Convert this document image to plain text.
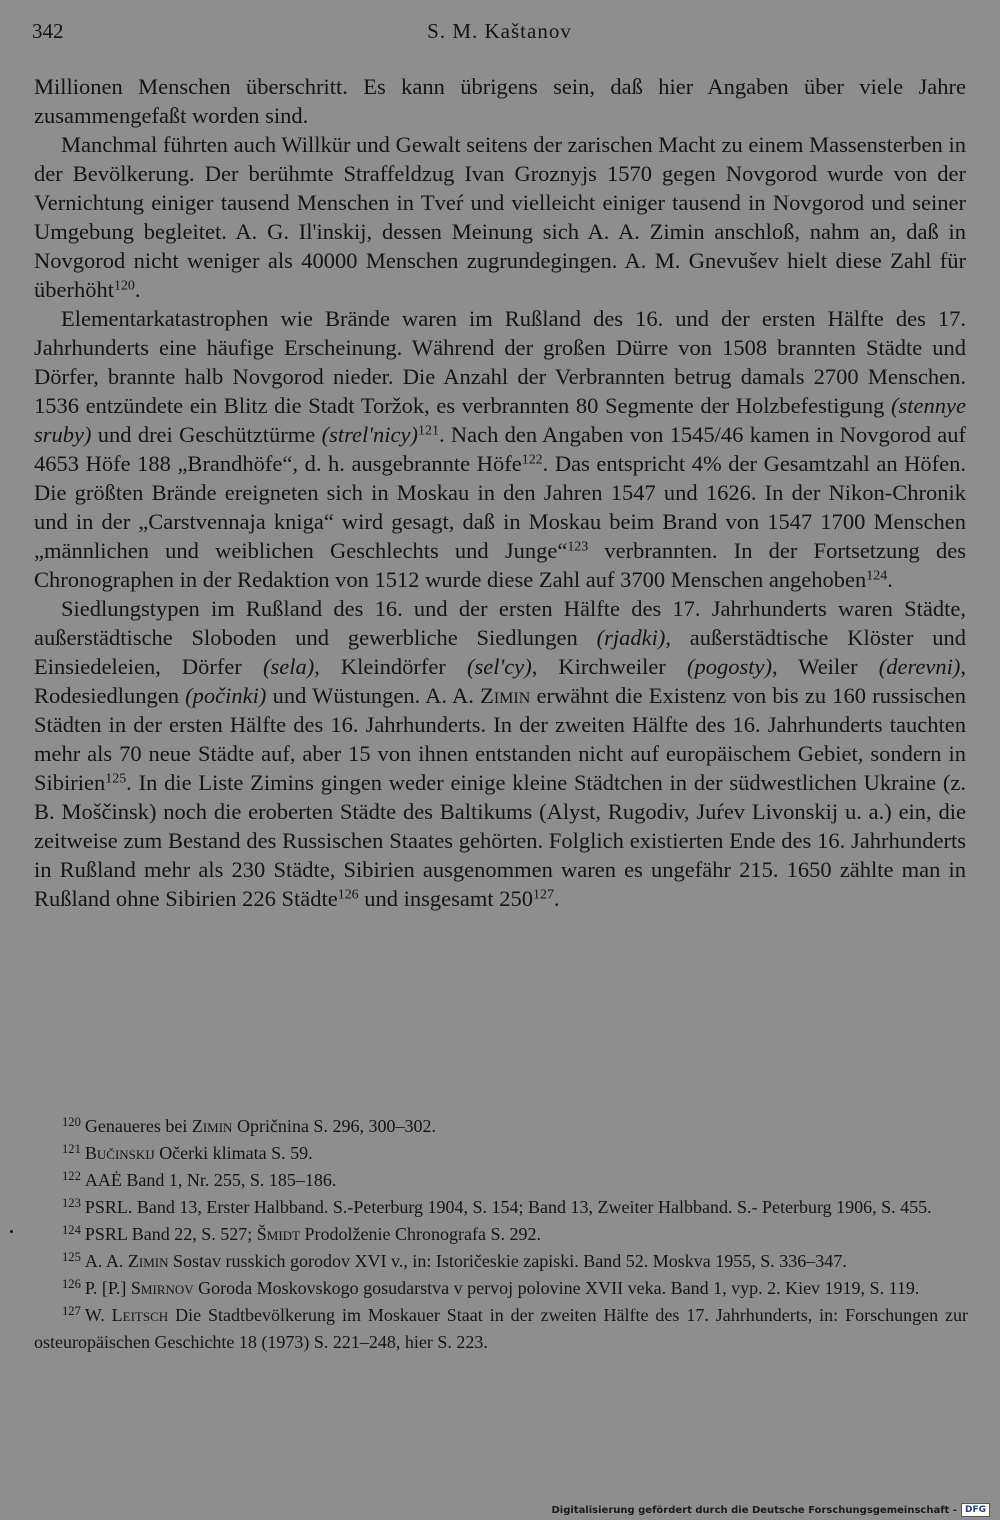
342	S. M. Kaštanov

Millionen Menschen überschritt. Es kann übrigens sein, daß hier Angaben über viele Jahre zusammengefaßt worden sind.

Manchmal führten auch Willkür und Gewalt seitens der zarischen Macht zu einem Massensterben in der Bevölkerung. Der berühmte Straffeldzug Ivan Groznyjs 1570 gegen Novgorod wurde von der Vernichtung einiger tausend Menschen in Tveŕ und vielleicht einiger tausend in Novgorod und seiner Umgebung begleitet. A. G. Il'inskij, dessen Meinung sich A. A. Zimin anschloß, nahm an, daß in Novgorod nicht weniger als 40000 Menschen zugrundegingen. A. M. Gnevušev hielt diese Zahl für überhöht$^{120}$.

Elementarkatastrophen wie Brände waren im Rußland des 16. und der ersten Hälfte des 17. Jahrhunderts eine häufige Erscheinung. Während der großen Dürre von 1508 brannten Städte und Dörfer, brannte halb Novgorod nieder. Die Anzahl der Verbrannten betrug damals 2700 Menschen. 1536 entzündete ein Blitz die Stadt Toržok, es verbrannten 80 Segmente der Holzbefestigung (stennye sruby) und drei Geschütztürme (strel'nicy)$^{121}$. Nach den Angaben von 1545/46 kamen in Novgorod auf 4653 Höfe 188 „Brandhöfe“, d. h. ausgebrannte Höfe$^{122}$. Das entspricht 4% der Gesamtzahl an Höfen. Die größten Brände ereigneten sich in Moskau in den Jahren 1547 und 1626. In der Nikon-Chronik und in der „Carstvennaja kniga“ wird gesagt, daß in Moskau beim Brand von 1547 1700 Menschen „männlichen und weiblichen Geschlechts und Junge“$^{123}$ verbrannten. In der Fortsetzung des Chronographen in der Redaktion von 1512 wurde diese Zahl auf 3700 Menschen angehoben$^{124}$.

Siedlungstypen im Rußland des 16. und der ersten Hälfte des 17. Jahrhunderts waren Städte, außerstädtische Sloboden und gewerbliche Siedlungen (rjadki), außerstädtische Klöster und Einsiedeleien, Dörfer (sela), Kleindörfer (sel'cy), Kirchweiler (pogosty), Weiler (derevni), Rodesiedlungen (počinki) und Wüstungen. A. A. Zimin erwähnt die Existenz von bis zu 160 russischen Städten in der ersten Hälfte des 16. Jahrhunderts. In der zweiten Hälfte des 16. Jahrhunderts tauchten mehr als 70 neue Städte auf, aber 15 von ihnen entstanden nicht auf europäischem Gebiet, sondern in Sibirien$^{125}$. In die Liste Zimins gingen weder einige kleine Städtchen in der südwestlichen Ukraine (z. B. Moščinsk) noch die eroberten Städte des Baltikums (Alyst, Rugodiv, Juŕev Livonskij u. a.) ein, die zeitweise zum Bestand des Russischen Staates gehörten. Folglich existierten Ende des 16. Jahrhunderts in Rußland mehr als 230 Städte, Sibirien ausgenommen waren es ungefähr 215. 1650 zählte man in Rußland ohne Sibirien 226 Städte$^{126}$ und insgesamt $250^{127}$.

$^{120}$ Genaueres bei Zimin Opričnina S. 296, 300–302.

$^{121}$ Bučinskij Očerki klimata S. 59.

$^{122}$ AAĖ Band 1, Nr. 255, S. 185–186.

$^{123}$ PSRL. Band 13, Erster Halbband. S.-Peterburg 1904, S. 154; Band 13, Zweiter Halbband. S.- Peterburg 1906, S. 455.

$^{124}$ PSRL Band 22, S. 527; Šmidt Prodolženie Chronografa S. 292.

$^{125}$ A. A. Zimin Sostav russkich gorodov XVI v., in: Istoričeskie zapiski. Band 52. Moskva 1955, S. 336–347.

$^{126}$ P. [P.] Smirnov Goroda Moskovskogo gosudarstva v pervoj polovine XVII veka. Band 1, vyp. 2. Kiev 1919, S. 119.

$^{127}$ W. Leitsch Die Stadtbevölkerung im Moskauer Staat in der zweiten Hälfte des 17. Jahrhunderts, in: Forschungen zur osteuropäischen Geschichte 18 (1973) S. 221–248, hier S. 223.

Digitalisierung gefördert durch die Deutsche Forschungsgemeinschaft - DFG
